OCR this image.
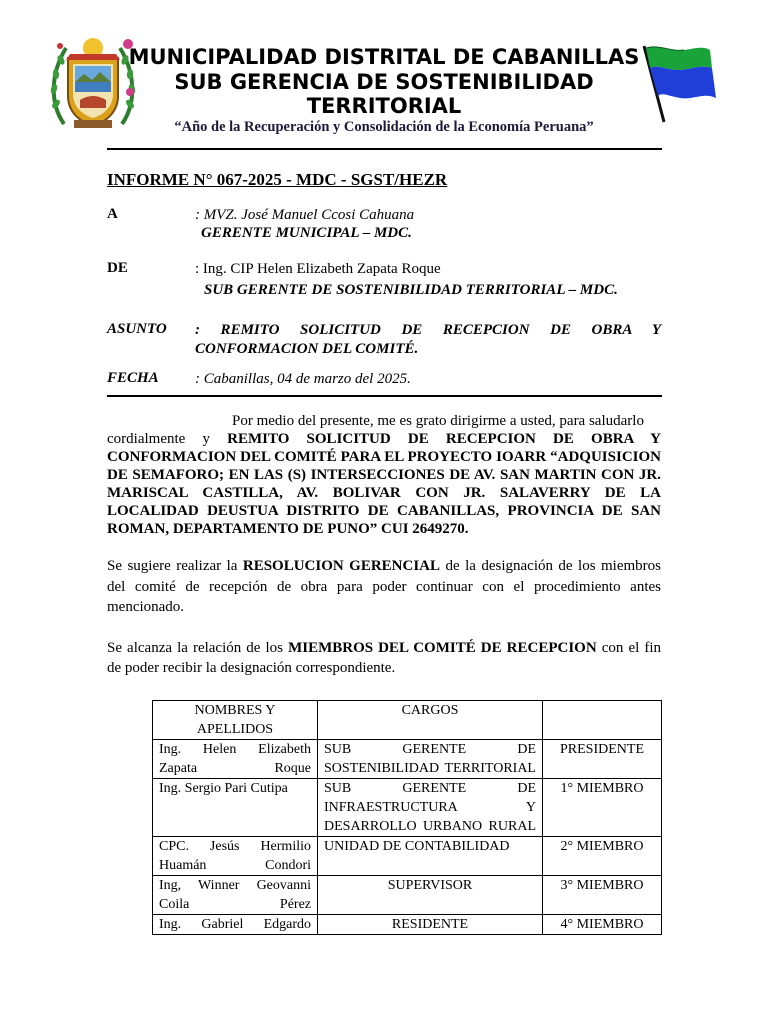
MUNICIPALIDAD DISTRITAL DE CABANILLAS
SUB GERENCIA DE SOSTENIBILIDAD
TERRITORIAL
“Año de la Recuperación y Consolidación de la Economía Peruana”
INFORME N° 067-2025 - MDC - SGST/HEZR
A	: MVZ. José Manuel Ccosi Cahuana
GERENTE MUNICIPAL – MDC.
DE	: Ing. CIP Helen Elizabeth Zapata Roque
SUB GERENTE DE SOSTENIBILIDAD TERRITORIAL – MDC.
ASUNTO : REMITO SOLICITUD DE RECEPCION DE OBRA Y
CONFORMACION DEL COMITÉ.
FECHA : Cabanillas, 04 de marzo del 2025.
Por medio del presente, me es grato dirigirme a usted, para saludarlo
cordialmente y REMITO SOLICITUD DE RECEPCION DE OBRA Y CONFORMACION DEL COMITÉ PARA EL PROYECTO IOARR “ADQUISICION DE SEMAFORO; EN LAS (S) INTERSECCIONES DE AV. SAN MARTIN CON JR. MARISCAL CASTILLA, AV. BOLIVAR CON JR. SALAVERRY DE LA LOCALIDAD DEUSTUA DISTRITO DE CABANILLAS, PROVINCIA DE SAN ROMAN, DEPARTAMENTO DE PUNO” CUI 2649270.
Se sugiere realizar la RESOLUCION GERENCIAL de la designación de los miembros del comité de recepción de obra para poder continuar con el procedimiento antes mencionado.
Se alcanza la relación de los MIEMBROS DEL COMITÉ DE RECEPCION con el fin de poder recibir la designación correspondiente.
NOMBRES Y APELLIDOS	CARGOS	
Ing. Helen Elizabeth Zapata Roque	SUB GERENTE DE SOSTENIBILIDAD TERRITORIAL	PRESIDENTE
Ing. Sergio Pari Cutipa	SUB GERENTE DE INFRAESTRUCTURA Y DESARROLLO URBANO RURAL	1° MIEMBRO
CPC. Jesús Hermilio Huamán Condori	UNIDAD DE CONTABILIDAD	2° MIEMBRO
Ing, Winner Geovanni Coila Pérez	SUPERVISOR	3° MIEMBRO
Ing. Gabriel Edgardo	RESIDENTE	4° MIEMBRO
